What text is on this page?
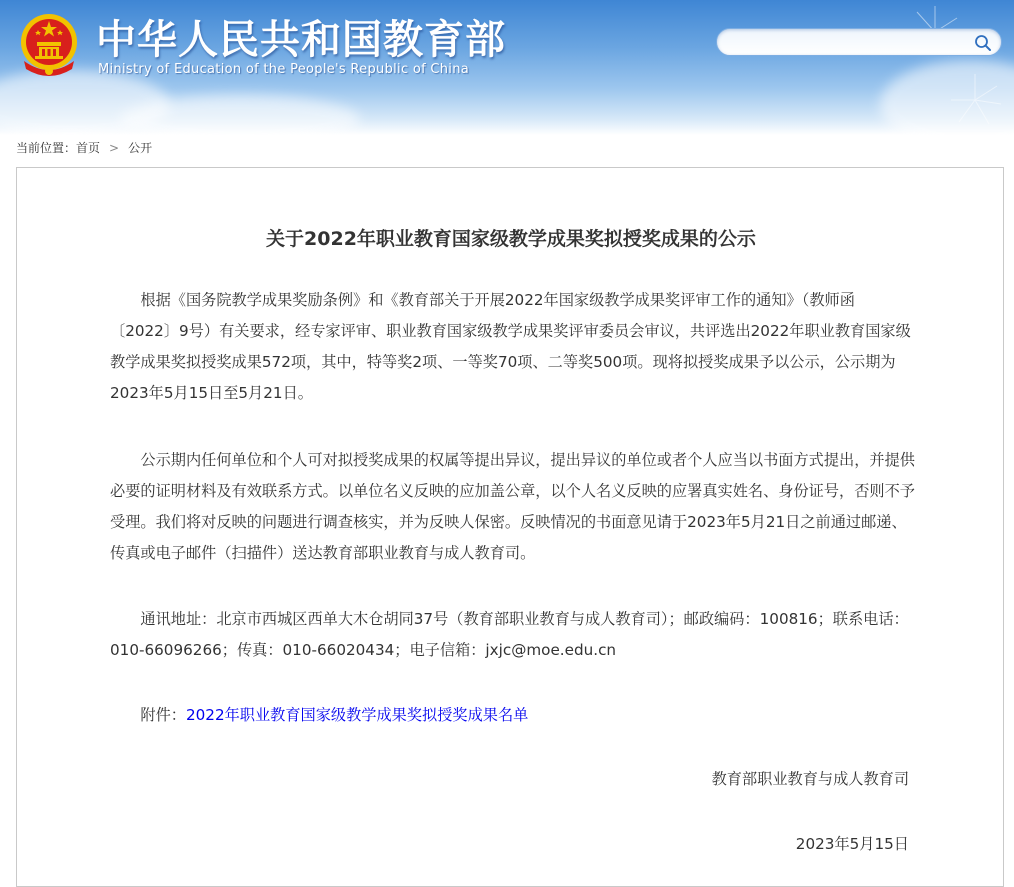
中华人民共和国教育部

Ministry of Education of the People's Republic of China

当前位置：首页 > 公开
关于2022年职业教育国家级教学成果奖拟授奖成果的公示

根据《国务院教学成果奖励条例》和《教育部关于开展2022年国家级教学成果奖评审工作的通知》（教师函〔2022〕9号）有关要求，经专家评审、职业教育国家级教学成果奖评审委员会审议，共评选出2022年职业教育国家级教学成果奖拟授奖成果572项，其中，特等奖2项、一等奖70项、二等奖500项。现将拟授奖成果予以公示，公示期为2023年5月15日至5月21日。

公示期内任何单位和个人可对拟授奖成果的权属等提出异议，提出异议的单位或者个人应当以书面方式提出，并提供必要的证明材料及有效联系方式。以单位名义反映的应加盖公章，以个人名义反映的应署真实姓名、身份证号，否则不予受理。我们将对反映的问题进行调查核实，并为反映人保密。反映情况的书面意见请于2023年5月21日之前通过邮递、传真或电子邮件（扫描件）送达教育部职业教育与成人教育司。

通讯地址：北京市西城区西单大木仓胡同37号（教育部职业教育与成人教育司）；邮政编码：100816；联系电话：010-66096266；传真：010-66020434；电子信箱：jxjc@moe.edu.cn

附件：2022年职业教育国家级教学成果奖拟授奖成果名单

教育部职业教育与成人教育司

2023年5月15日
